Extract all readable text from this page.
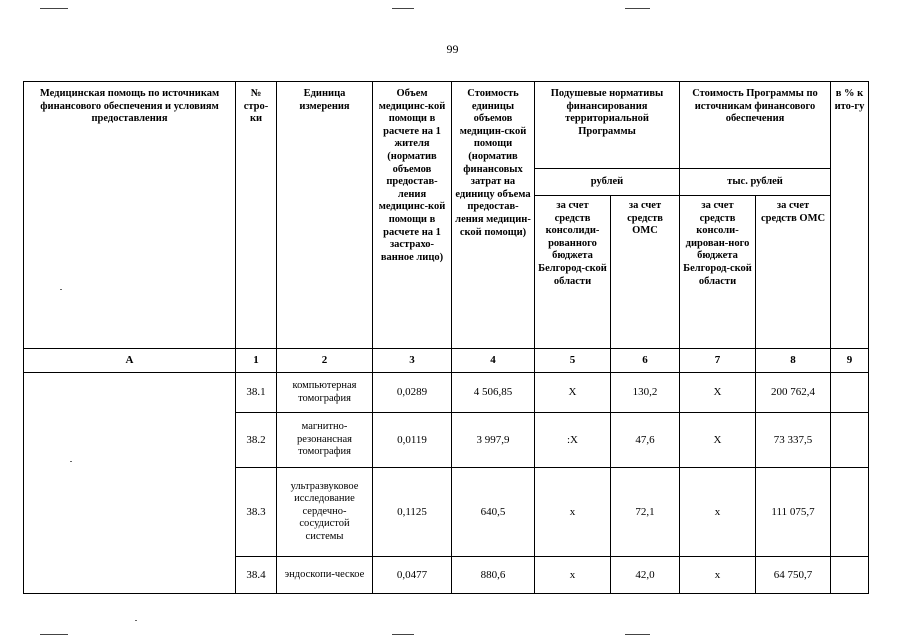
99
Медицинская помощь по источникам финансового обеспечения и условиям предоставления	№ стро-ки	Единица измерения	Объем медицинс-кой помощи в расчете на 1 жителя (норматив объемов предостав-ления медицинс-кой помощи в расчете на 1 застрахо-ванное лицо)	Стоимость единицы объемов медицин-ской помощи (норматив финансовых затрат на единицу объема предостав-ления медицин-ской помощи)	Подушевые нормативы финансирования территориальной Программы		Стоимость Программы по источникам финансового обеспечения		в % к ито-гу
					рублей		тыс. рублей		
					за счет средств консолиди-рованного бюджета Белгород-ской области	за счет средств ОМС	за счет средств консоли-дирован-ного бюджета Белгород-ской области	за счет средств ОМС	
А	1	2	3	4	5	6	7	8	9
	38.1	компьютерная томография	0,0289	4 506,85	Х	130,2	Х	200 762,4	
	38.2	магнитно-резонансная томография	0,0119	3 997,9	:Х	47,6	Х	73 337,5	
	38.3	ультразвуковое исследование сердечно-сосудистой системы	0,1125	640,5	х	72,1	х	111 075,7	
	38.4	эндоскопи-ческое	0,0477	880,6	х	42,0	х	64 750,7	
